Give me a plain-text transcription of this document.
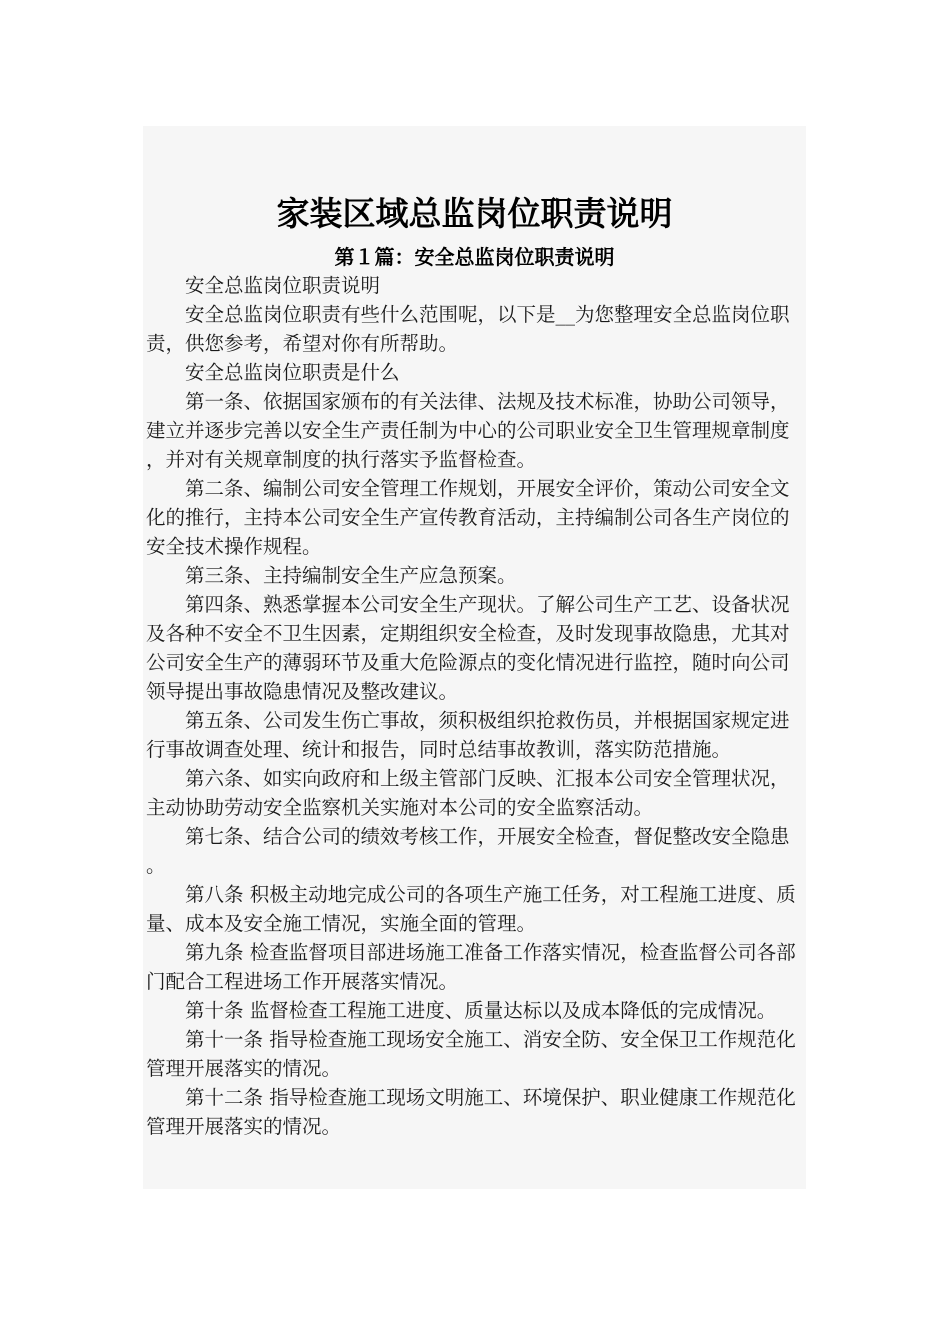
家装区域总监岗位职责说明
第１篇：安全总监岗位职责说明

安全总监岗位职责说明

安全总监岗位职责有些什么范围呢，以下是__为您整理安全总监岗位职责，供您参考，希望对你有所帮助。

安全总监岗位职责是什么

第一条、依据国家颁布的有关法律、法规及技术标准，协助公司领导，建立并逐步完善以安全生产责任制为中心的公司职业安全卫生管理规章制度，并对有关规章制度的执行落实予监督检查。

第二条、编制公司安全管理工作规划，开展安全评价，策动公司安全文化的推行，主持本公司安全生产宣传教育活动，主持编制公司各生产岗位的安全技术操作规程。

第三条、主持编制安全生产应急预案。

第四条、熟悉掌握本公司安全生产现状。了解公司生产工艺、设备状况及各种不安全不卫生因素，定期组织安全检查，及时发现事故隐患，尤其对公司安全生产的薄弱环节及重大危险源点的变化情况进行监控，随时向公司领导提出事故隐患情况及整改建议。

第五条、公司发生伤亡事故，须积极组织抢救伤员，并根据国家规定进行事故调查处理、统计和报告，同时总结事故教训，落实防范措施。

第六条、如实向政府和上级主管部门反映、汇报本公司安全管理状况，主动协助劳动安全监察机关实施对本公司的安全监察活动。

第七条、结合公司的绩效考核工作，开展安全检查，督促整改安全隐患。

第八条 积极主动地完成公司的各项生产施工任务，对工程施工进度、质量、成本及安全施工情况，实施全面的管理。

第九条 检查监督项目部进场施工准备工作落实情况，检查监督公司各部门配合工程进场工作开展落实情况。

第十条 监督检查工程施工进度、质量达标以及成本降低的完成情况。

第十一条 指导检查施工现场安全施工、消安全防、安全保卫工作规范化管理开展落实的情况。

第十二条 指导检查施工现场文明施工、环境保护、职业健康工作规范化管理开展落实的情况。
